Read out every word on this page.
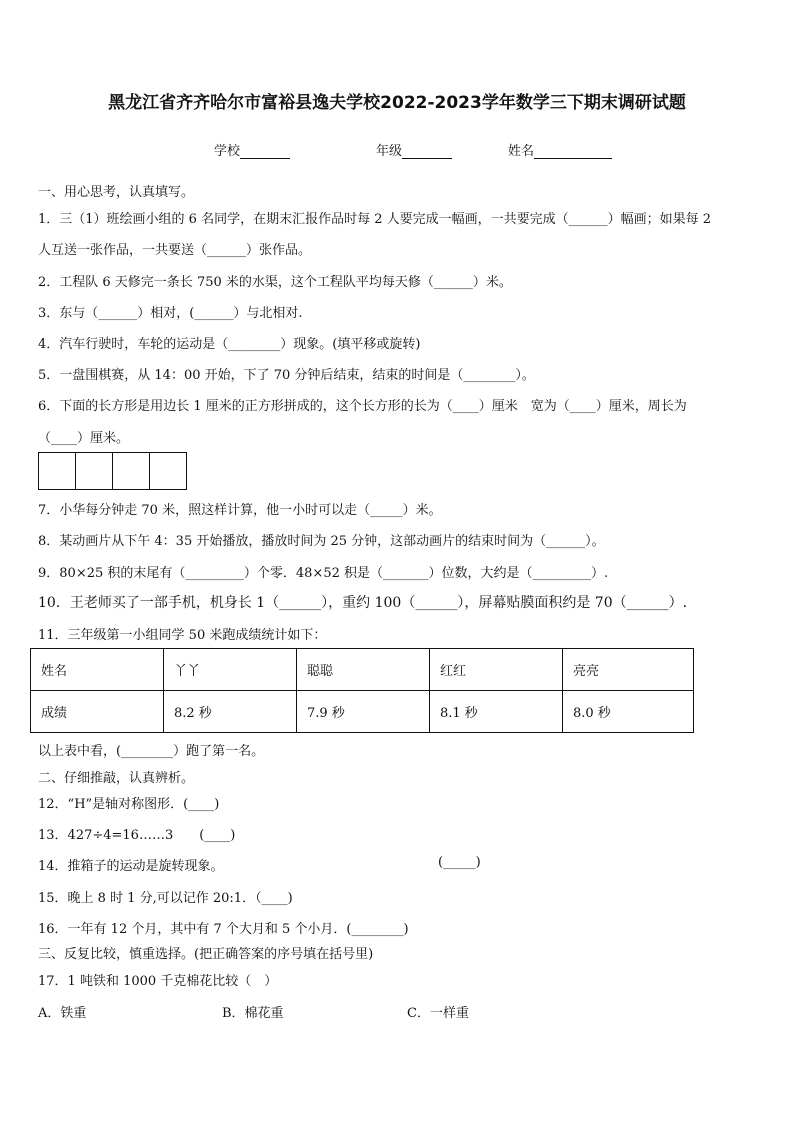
黑龙江省齐齐哈尔市富裕县逸夫学校2022-2023学年数学三下期末调研试题
学校	年级	姓名
一、用心思考，认真填写。
1．三（1）班绘画小组的 6 名同学，在期末汇报作品时每 2 人要完成一幅画，一共要完成（______）幅画；如果每 2
人互送一张作品，一共要送（______）张作品。
2．工程队 6 天修完一条长 750 米的水渠，这个工程队平均每天修（______）米。
3．东与（______）相对，(______）与北相对.
4．汽车行驶时，车轮的运动是（________）现象。(填平移或旋转)
5．一盘围棋赛，从 14：00 开始，下了 70 分钟后结束，结束的时间是（________）。
6．下面的长方形是用边长 1 厘米的正方形拼成的，这个长方形的长为（____）厘米　宽为（____）厘米，周长为
（____）厘米。
7．小华每分钟走 70 米，照这样计算，他一小时可以走（_____）米。
8．某动画片从下午 4：35 开始播放，播放时间为 25 分钟，这部动画片的结束时间为（______）。
9．80×25 积的末尾有（_________）个零．48×52 积是（_______）位数，大约是（_________）.
10．王老师买了一部手机，机身长 1（______），重约 100（______），屏幕贴膜面积约是 70（______）.
11．三年级第一小组同学 50 米跑成绩统计如下：
姓名	丫丫	聪聪	红红	亮亮
成绩	8.2 秒	7.9 秒	8.1 秒	8.0 秒
以上表中看，(________）跑了第一名。
二、仔细推敲，认真辨析。
12．“H”是轴对称图形．(____)
13．427÷4=16……3　　(____)
14．推箱子的运动是旋转现象。	(_____)
15．晚上 8 时 1 分,可以记作 20:1．（____)
16．一年有 12 个月，其中有 7 个大月和 5 个小月．(________)
三、反复比较，慎重选择。(把正确答案的序号填在括号里)
17．1 吨铁和 1000 千克棉花比较（　）
A．铁重	B．棉花重	C．一样重
